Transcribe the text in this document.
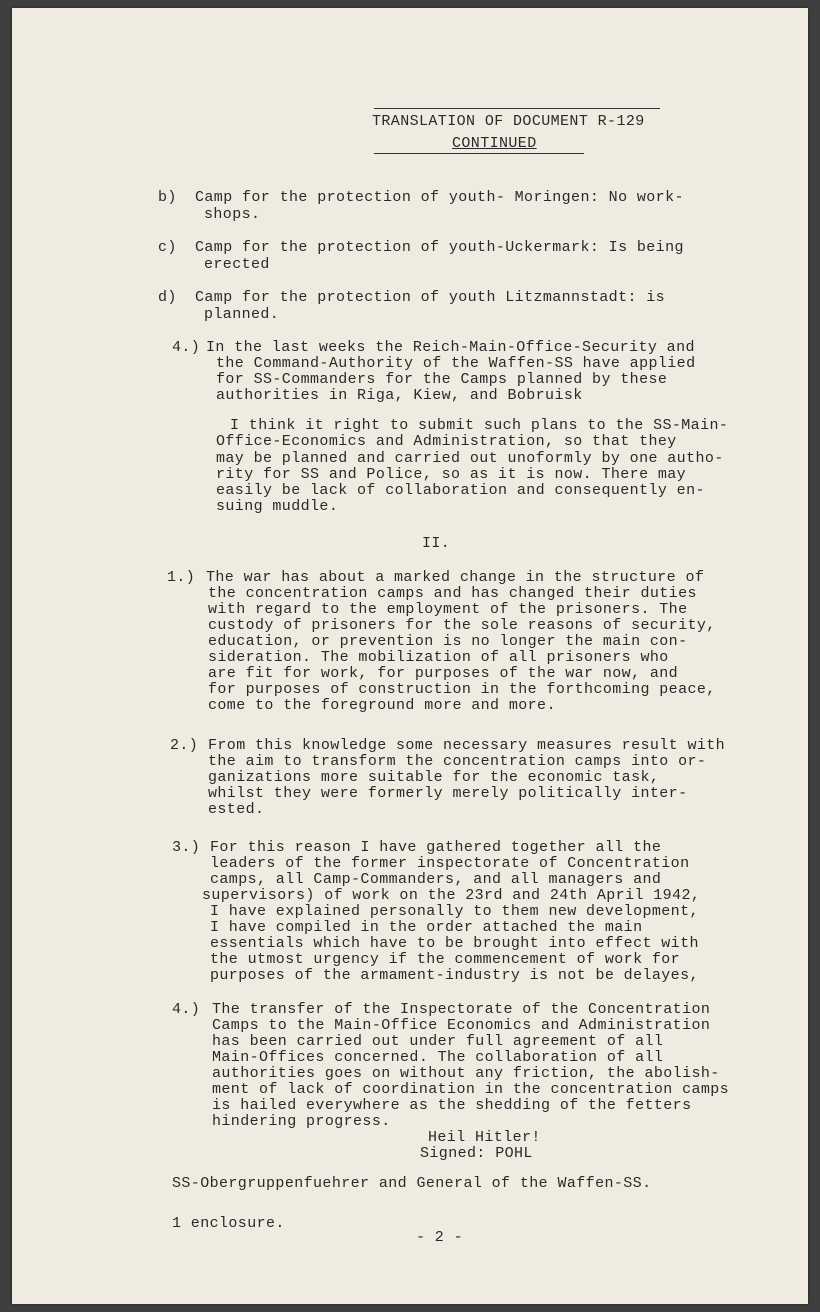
TRANSLATION OF DOCUMENT R-129
CONTINUED
b) Camp for the protection of youth- Moringen: No work-
shops.
c) Camp for the protection of youth-Uckermark: Is being
erected
d) Camp for the protection of youth Litzmannstadt: is
planned.
4.) In the last weeks the Reich-Main-Office-Security and
the Command-Authority of the Waffen-SS have applied
for SS-Commanders for the Camps planned by these
authorities in Riga, Kiew, and Bobruisk
I think it right to submit such plans to the SS-Main-
Office-Economics and Administration, so that they
may be planned and carried out unoformly by one autho-
rity for SS and Police, so as it is now. There may
easily be lack of collaboration and consequently en-
suing muddle.
II.
1.) The war has about a marked change in the structure of
the concentration camps and has changed their duties
with regard to the employment of the prisoners. The
custody of prisoners for the sole reasons of security,
education, or prevention is no longer the main con-
sideration. The mobilization of all prisoners who
are fit for work, for purposes of the war now, and
for purposes of construction in the forthcoming peace,
come to the foreground more and more.
2.) From this knowledge some necessary measures result with
the aim to transform the concentration camps into or-
ganizations more suitable for the economic task,
whilst they were formerly merely politically inter-
ested.
3.) For this reason I have gathered together all the
leaders of the former inspectorate of Concentration
camps, all Camp-Commanders, and all managers and
supervisors) of work on the 23rd and 24th April 1942,
I have explained personally to them new development,
I have compiled in the order attached the main
essentials which have to be brought into effect with
the utmost urgency if the commencement of work for
purposes of the armament-industry is not be delayes,
4.) The transfer of the Inspectorate of the Concentration
Camps to the Main-Office Economics and Administration
has been carried out under full agreement of all
Main-Offices concerned. The collaboration of all
authorities goes on without any friction, the abolish-
ment of lack of coordination in the concentration camps
is hailed everywhere as the shedding of the fetters
hindering progress.
Heil Hitler!
Signed: POHL
SS-Obergruppenfuehrer and General of the Waffen-SS.
1 enclosure.
- 2 -
